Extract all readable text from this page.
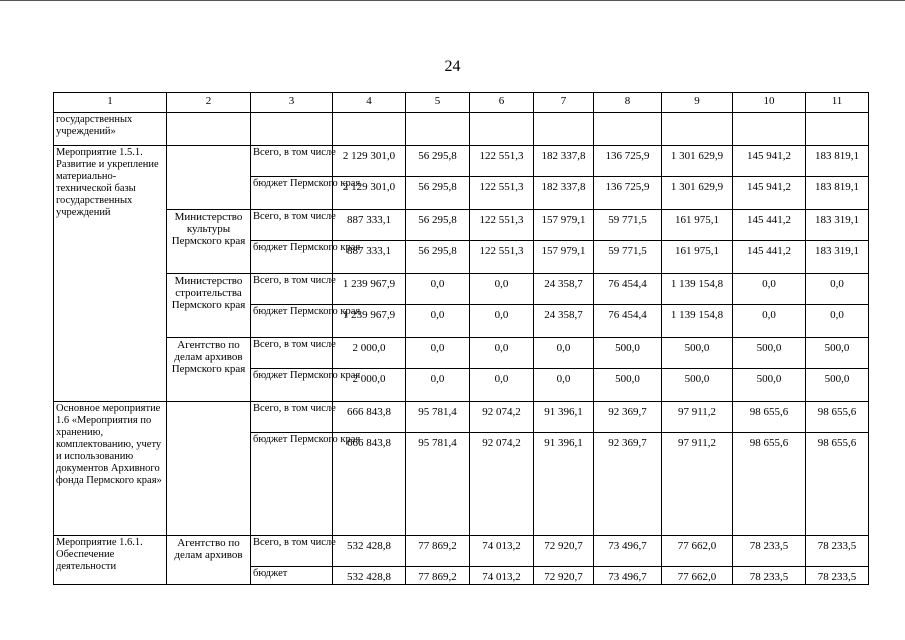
24
1	2	3	4	5	6	7	8	9	10	11
государственных учреждений»										
Мероприятие 1.5.1. Развитие и укрепление материально-технической базы государственных учреждений		Всего, в том числе	2 129 301,0	56 295,8	122 551,3	182 337,8	136 725,9	1 301 629,9	145 941,2	183 819,1
		бюджет Пермского края	2 129 301,0	56 295,8	122 551,3	182 337,8	136 725,9	1 301 629,9	145 941,2	183 819,1
	Министерство культуры Пермского края	Всего, в том числе	887 333,1	56 295,8	122 551,3	157 979,1	59 771,5	161 975,1	145 441,2	183 319,1
		бюджет Пермского края	887 333,1	56 295,8	122 551,3	157 979,1	59 771,5	161 975,1	145 441,2	183 319,1
	Министерство строительства Пермского края	Всего, в том числе	1 239 967,9	0,0	0,0	24 358,7	76 454,4	1 139 154,8	0,0	0,0
		бюджет Пермского края	1 239 967,9	0,0	0,0	24 358,7	76 454,4	1 139 154,8	0,0	0,0
	Агентство по делам архивов Пермского края	Всего, в том числе	2 000,0	0,0	0,0	0,0	500,0	500,0	500,0	500,0
		бюджет Пермского края	2 000,0	0,0	0,0	0,0	500,0	500,0	500,0	500,0
Основное мероприятие 1.6 «Мероприятия по хранению, комплектованию, учету и использованию документов Архивного фонда Пермского края»		Всего, в том числе	666 843,8	95 781,4	92 074,2	91 396,1	92 369,7	97 911,2	98 655,6	98 655,6
		бюджет Пермского края	666 843,8	95 781,4	92 074,2	91 396,1	92 369,7	97 911,2	98 655,6	98 655,6
Мероприятие 1.6.1. Обеспечение деятельности	Агентство по делам архивов	Всего, в том числе	532 428,8	77 869,2	74 013,2	72 920,7	73 496,7	77 662,0	78 233,5	78 233,5
		бюджет	532 428,8	77 869,2	74 013,2	72 920,7	73 496,7	77 662,0	78 233,5	78 233,5
